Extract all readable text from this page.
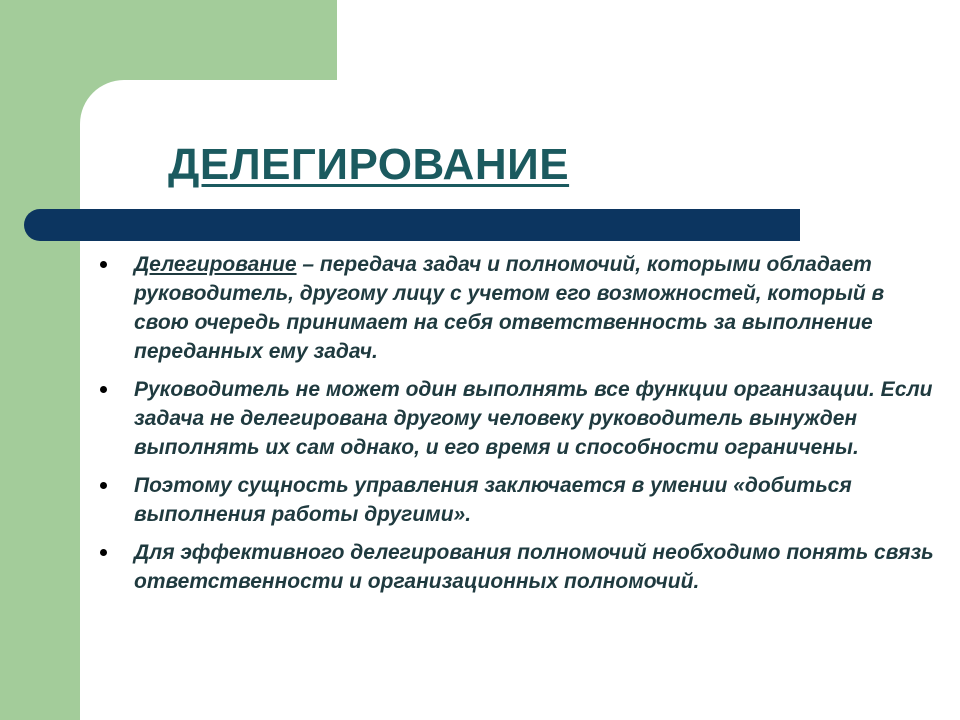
ДЕЛЕГИРОВАНИЕ
Делегирование – передача задач и полномочий, которыми обладает руководитель, другому лицу с учетом его возможностей, который в свою очередь принимает на себя ответственность за выполнение переданных ему задач.
Руководитель не может один выполнять все функции организации. Если задача не делегирована другому человеку руководитель вынужден выполнять их сам однако, и его время и способности ограничены.
Поэтому сущность управления заключается в умении «добиться выполнения работы другими».
Для эффективного делегирования полномочий необходимо понять связь ответственности и организационных полномочий.
